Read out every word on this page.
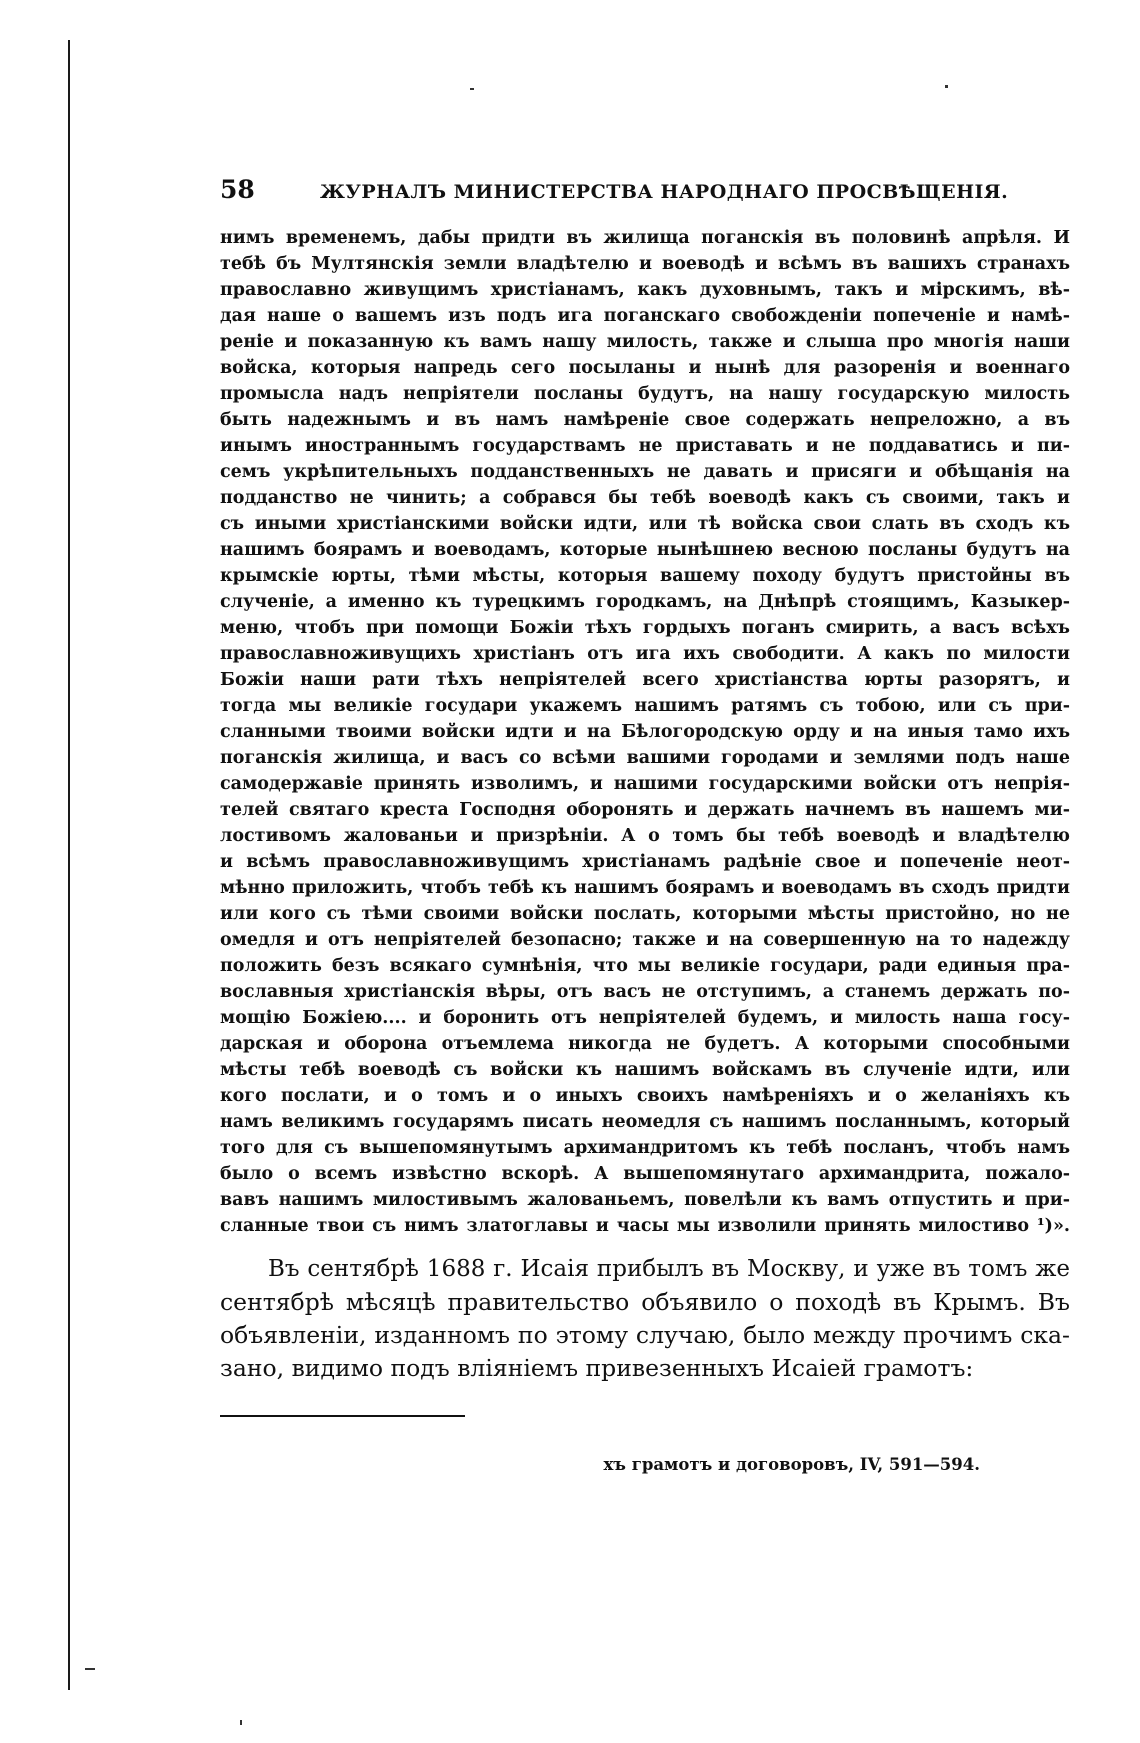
58	ЖУРНАЛЪ МИНИСТЕРСТВА НАРОДНАГО ПРОСВѢЩЕНІЯ.
нимъ временемъ, дабы придти въ жилища поганскія въ половинѣ апрѣля. И
тебѣ бъ Мултянскія земли владѣтелю и воеводѣ и всѣмъ въ вашихъ странахъ
православно живущимъ христіанамъ, какъ духовнымъ, такъ и мірскимъ, вѣ-
дая наше о вашемъ изъ подъ ига поганскаго свобожденіи попеченіе и намѣ-
реніе и показанную къ вамъ нашу милость, также и слыша про многія наши
войска, которыя напредь сего посыланы и нынѣ для разоренія и военнаго
промысла надъ непріятели посланы будутъ, на нашу государскую милость
быть надежнымъ и въ намъ намѣреніе свое содержать непреложно, а въ
инымъ иностраннымъ государствамъ не приставать и не поддаватись и пи-
семъ укрѣпительныхъ подданственныхъ не давать и присяги и обѣщанія на
подданство не чинить; а собрався бы тебѣ воеводѣ какъ съ своими, такъ и
съ иными христіанскими войски идти, или тѣ войска свои слать въ сходъ къ
нашимъ боярамъ и воеводамъ, которые нынѣшнею весною посланы будутъ на
крымскіе юрты, тѣми мѣсты, которыя вашему походу будутъ пристойны въ
слученіе, а именно къ турецкимъ городкамъ, на Днѣпрѣ стоящимъ, Казыкер-
меню, чтобъ при помощи Божіи тѣхъ гордыхъ поганъ смирить, а васъ всѣхъ
православноживущихъ христіанъ отъ ига ихъ свободити. А какъ по милости
Божіи наши рати тѣхъ непріятелей всего христіанства юрты разорятъ, и
тогда мы великіе государи укажемъ нашимъ ратямъ съ тобою, или съ при-
сланными твоими войски идти и на Бѣлогородскую орду и на иныя тамо ихъ
поганскія жилища, и васъ со всѣми вашими городами и землями подъ наше
самодержавіе принять изволимъ, и нашими государскими войски отъ непрія-
телей святаго креста Господня оборонять и держать начнемъ въ нашемъ ми-
лостивомъ жалованьи и призрѣніи. А о томъ бы тебѣ воеводѣ и владѣтелю
и всѣмъ православноживущимъ христіанамъ радѣніе свое и попеченіе неот-
мѣнно приложить, чтобъ тебѣ къ нашимъ боярамъ и воеводамъ въ сходъ придти
или кого съ тѣми своими войски послать, которыми мѣсты пристойно, но не
омедля и отъ непріятелей безопасно; также и на совершенную на то надежду
положить безъ всякаго сумнѣнія, что мы великіе государи, ради единыя пра-
вославныя христіанскія вѣры, отъ васъ не отступимъ, а станемъ держать по-
мощію Божіею.... и боронить отъ непріятелей будемъ, и милость наша госу-
дарская и оборона отъемлема никогда не будетъ. А которыми способными
мѣсты тебѣ воеводѣ съ войски къ нашимъ войскамъ въ слученіе идти, или
кого послати, и о томъ и о иныхъ своихъ намѣреніяхъ и о желаніяхъ къ
намъ великимъ государямъ писать неомедля съ нашимъ посланнымъ, который
того для съ вышепомянутымъ архимандритомъ къ тебѣ посланъ, чтобъ намъ
было о всемъ извѣстно вскорѣ. А вышепомянутаго архимандрита, пожало-
вавъ нашимъ милостивымъ жалованьемъ, повелѣли къ вамъ отпустить и при-
сланные твои съ нимъ златоглавы и часы мы изволили принять милостиво ¹)».
Въ сентябрѣ 1688 г. Исаія прибылъ въ Москву, и уже въ томъ же
сентябрѣ мѣсяцѣ правительство объявило о походѣ въ Крымъ. Въ
объявленіи, изданномъ по этому случаю, было между прочимъ ска-
зано, видимо подъ вліяніемъ привезенныхъ Исаіей грамотъ:
хъ грамотъ и договоровъ, IV, 591—594.
